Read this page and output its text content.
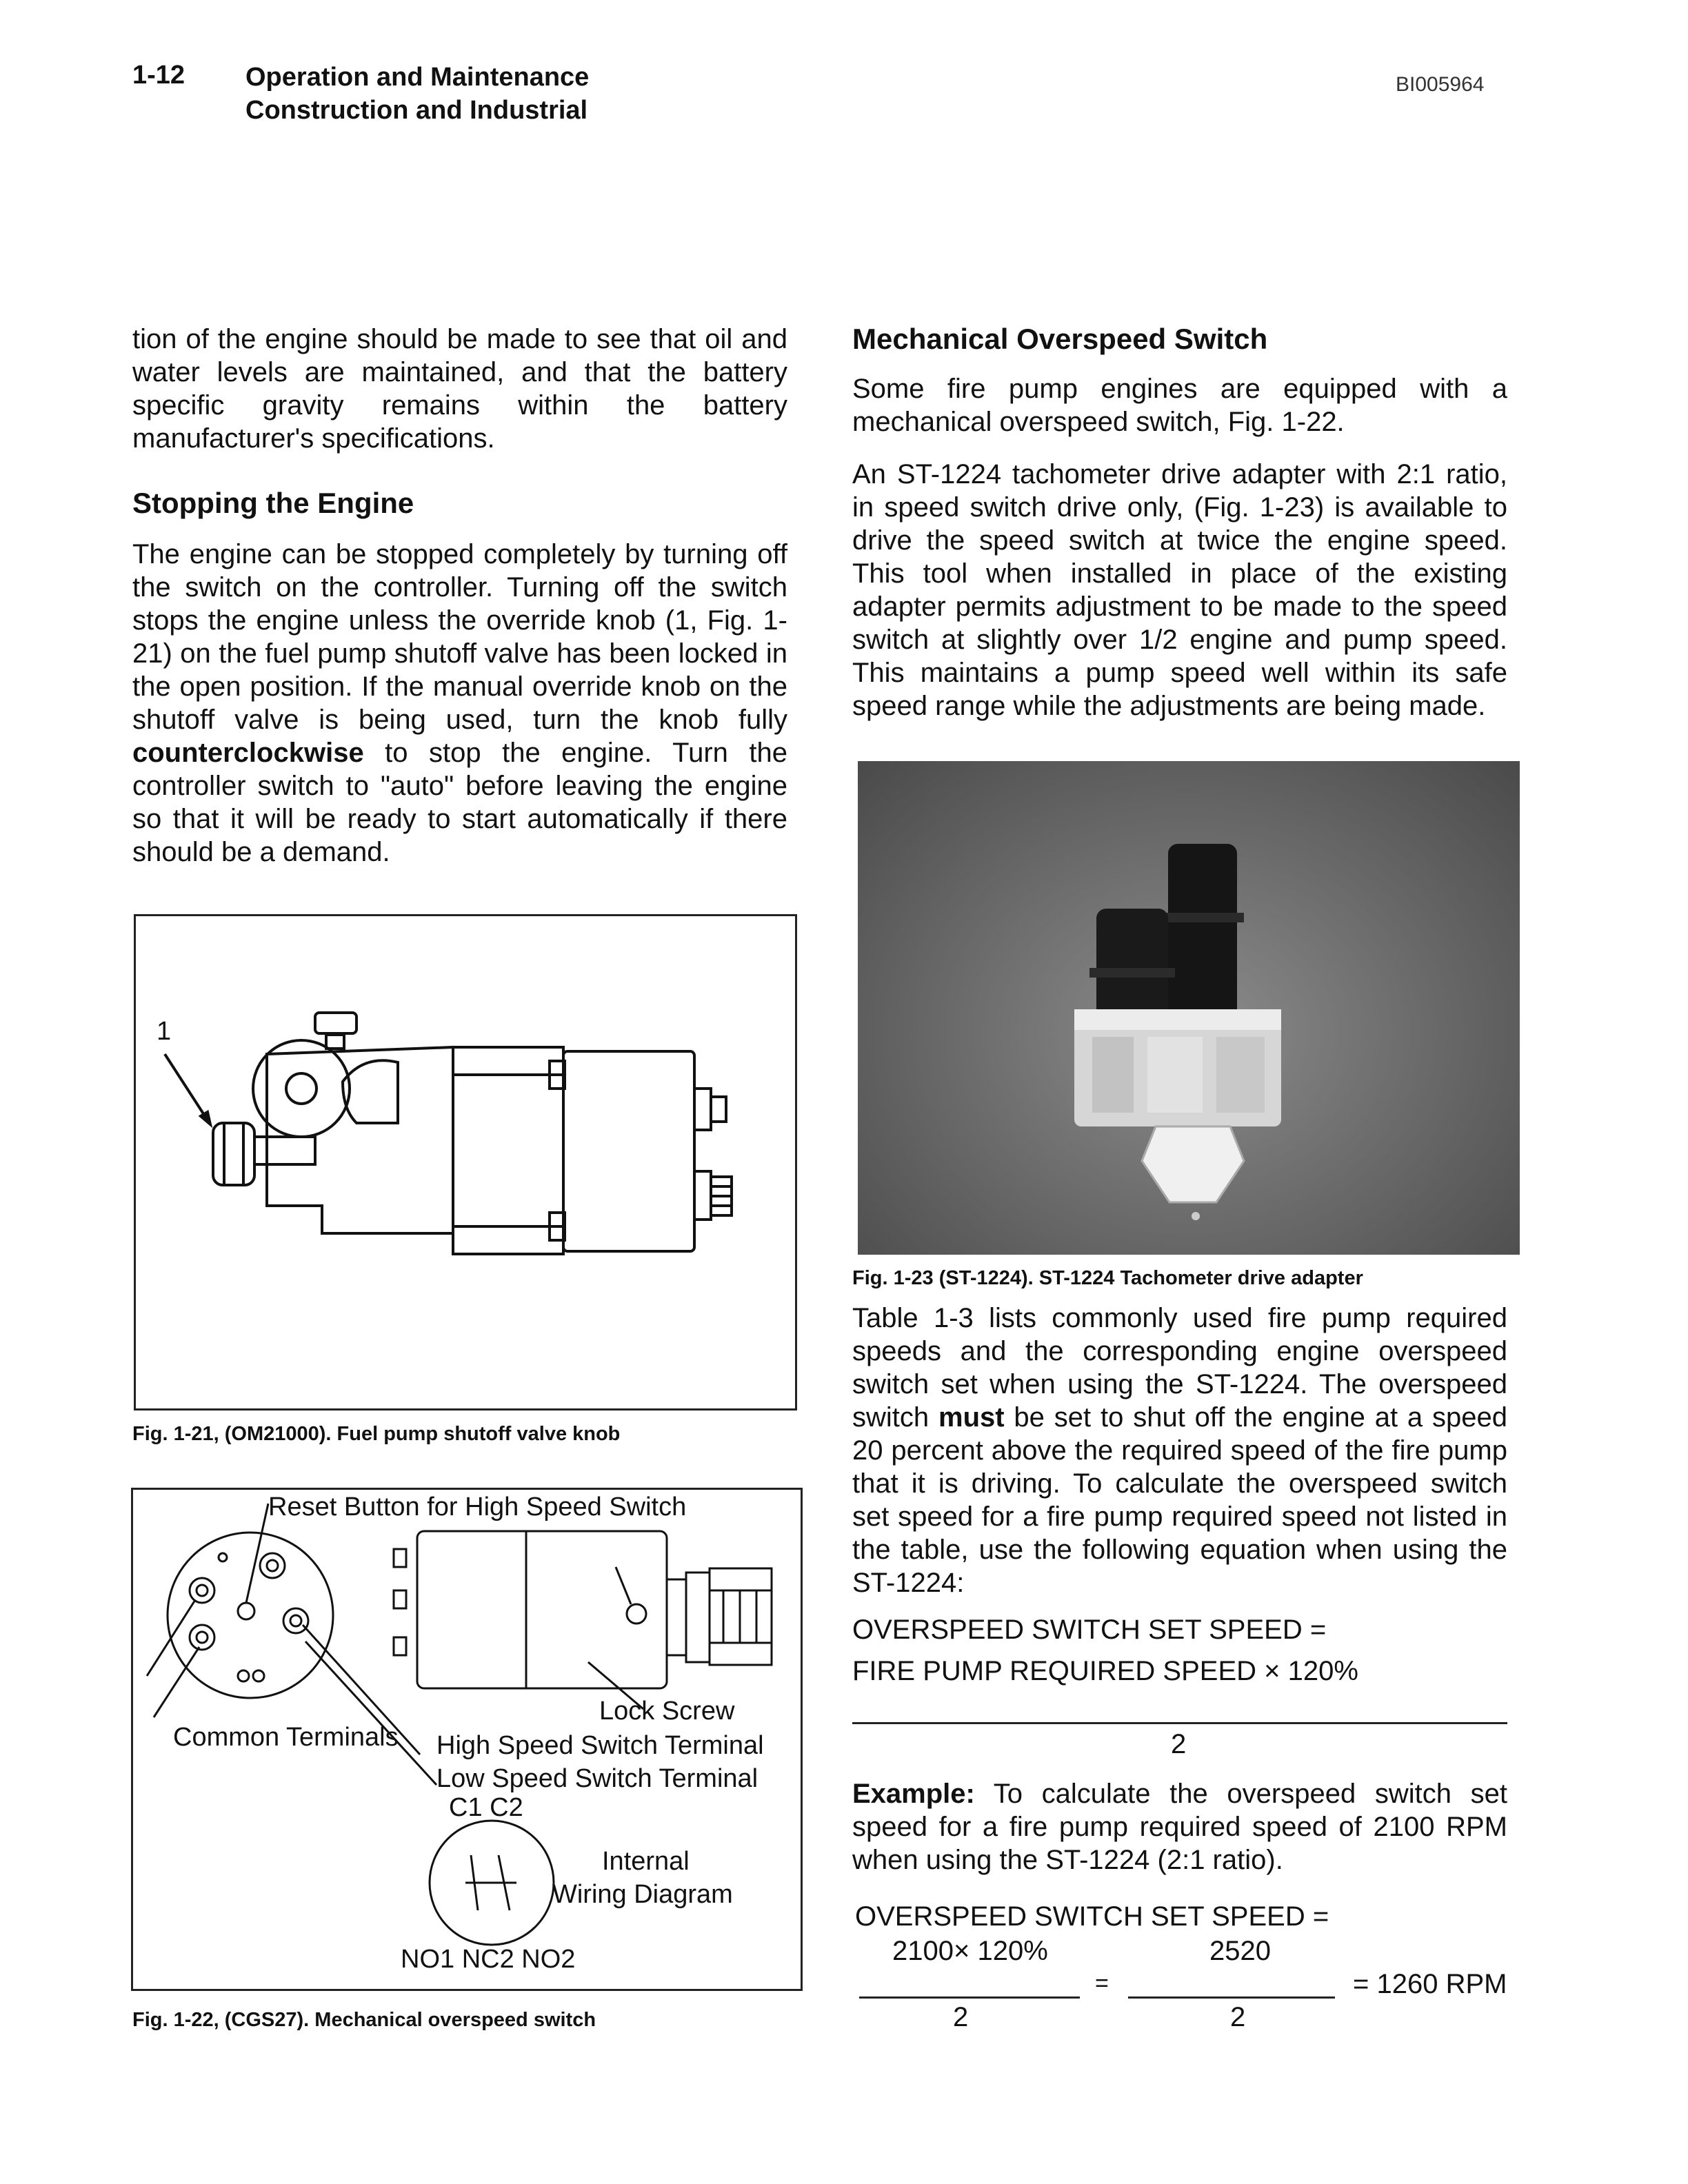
1-12 Operation and Maintenance
Construction and Industrial
BI005964

tion of the engine should be made to see that oil and water levels are maintained, and that the battery specific gravity remains within the battery manufacturer's specifications.

Stopping the Engine

The engine can be stopped completely by turning off the switch on the controller. Turning off the switch stops the engine unless the override knob (1, Fig. 1-21) on the fuel pump shutoff valve has been locked in the open position. If the manual override knob on the shutoff valve is being used, turn the knob fully counterclockwise to stop the engine. Turn the controller switch to "auto" before leaving the engine so that it will be ready to start automatically if there should be a demand.

1
Fig. 1-21, (OM21000). Fuel pump shutoff valve knob
Reset Button for High Speed Switch
Lock Screw
Common Terminals High Speed Switch Terminal
Low Speed Switch Terminal
C1 C2
Internal
Wiring Diagram
NO1 NC2 NO2
Fig. 1-22, (CGS27). Mechanical overspeed switch
Mechanical Overspeed Switch

Some fire pump engines are equipped with a mechanical overspeed switch, Fig. 1-22.

An ST-1224 tachometer drive adapter with 2:1 ratio, in speed switch drive only, (Fig. 1-23) is available to drive the speed switch at twice the engine speed. This tool when installed in place of the existing adapter permits adjustment to be made to the speed switch at slightly over 1/2 engine and pump speed. This maintains a pump speed well within its safe speed range while the adjustments are being made.

Fig. 1-23 (ST-1224). ST-1224 Tachometer drive adapter

Table 1-3 lists commonly used fire pump required speeds and the corresponding engine overspeed switch set when using the ST-1224. The overspeed switch must be set to shut off the engine at a speed 20 percent above the required speed of the fire pump that it is driving. To calculate the overspeed switch set speed for a fire pump required speed not listed in the table, use the following equation when using the ST-1224:

OVERSPEED SWITCH SET SPEED =
FIRE PUMP REQUIRED SPEED × 120%
2

Example: To calculate the overspeed switch set speed for a fire pump required speed of 2100 RPM when using the ST-1224 (2:1 ratio).

OVERSPEED SWITCH SET SPEED =
2100× 120%	2520
=	= 1260 RPM
2	2
